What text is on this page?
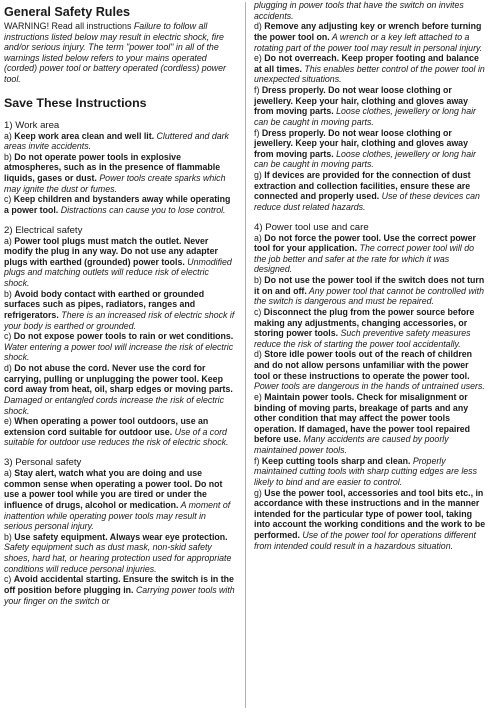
General Safety Rules

WARNING! Read all instructions Failure to follow all instructions listed below may result in electric shock, fire and/or serious injury. The term "power tool" in all of the warnings listed below refers to your mains operated (corded) power tool or battery operated (cordless) power tool.

Save These Instructions
1) Work area

a) Keep work area clean and well lit. Cluttered and dark areas invite accidents.

b) Do not operate power tools in explosive atmospheres, such as in the presence of flammable liquids, gases or dust. Power tools create sparks which may ignite the dust or fumes.

c) Keep children and bystanders away while operating a power tool. Distractions can cause you to lose control.

2) Electrical safety

a) Power tool plugs must match the outlet. Never modify the plug in any way. Do not use any adapter plugs with earthed (grounded) power tools. Unmodified plugs and matching outlets will reduce risk of electric shock.

b) Avoid body contact with earthed or grounded surfaces such as pipes, radiators, ranges and refrigerators. There is an increased risk of electric shock if your body is earthed or grounded.

c) Do not expose power tools to rain or wet conditions. Water entering a power tool will increase the risk of electric shock.

d) Do not abuse the cord. Never use the cord for carrying, pulling or unplugging the power tool. Keep cord away from heat, oil, sharp edges or moving parts. Damaged or entangled cords increase the risk of electric shock.

e) When operating a power tool outdoors, use an extension cord suitable for outdoor use. Use of a cord suitable for outdoor use reduces the risk of electric shock.

3) Personal safety

a) Stay alert, watch what you are doing and use common sense when operating a power tool. Do not use a power tool while you are tired or under the influence of drugs, alcohol or medication. A moment of inattention while operating power tools may result in serious personal injury.

b) Use safety equipment. Always wear eye protection. Safety equipment such as dust mask, non-skid safety shoes, hard hat, or hearing protection used for appropriate conditions will reduce personal injuries.

c) Avoid accidental starting. Ensure the switch is in the off position before plugging in. Carrying power tools with your finger on the switch or

plugging in power tools that have the switch on invites accidents.

d) Remove any adjusting key or wrench before turning the power tool on. A wrench or a key left attached to a rotating part of the power tool may result in personal injury.

e) Do not overreach. Keep proper footing and balance at all times. This enables better control of the power tool in unexpected situations.

f) Dress properly. Do not wear loose clothing or jewellery. Keep your hair, clothing and gloves away from moving parts. Loose clothes, jewellery or long hair can be caught in moving parts.

f) Dress properly. Do not wear loose clothing or jewellery. Keep your hair, clothing and gloves away from moving parts. Loose clothes, jewellery or long hair can be caught in moving parts.

g) If devices are provided for the connection of dust extraction and collection facilities, ensure these are connected and properly used. Use of these devices can reduce dust related hazards.

4) Power tool use and care

a) Do not force the power tool. Use the correct power tool for your application. The correct power tool will do the job better and safer at the rate for which it was designed.

b) Do not use the power tool if the switch does not turn it on and off. Any power tool that cannot be controlled with the switch is dangerous and must be repaired.

c) Disconnect the plug from the power source before making any adjustments, changing accessories, or storing power tools. Such preventive safety measures reduce the risk of starting the power tool accidentally.

d) Store idle power tools out of the reach of children and do not allow persons unfamiliar with the power tool or these instructions to operate the power tool. Power tools are dangerous in the hands of untrained users.

e) Maintain power tools. Check for misalignment or binding of moving parts, breakage of parts and any other condition that may affect the power tools operation. If damaged, have the power tool repaired before use. Many accidents are caused by poorly maintained power tools.

f) Keep cutting tools sharp and clean. Properly maintained cutting tools with sharp cutting edges are less likely to bind and are easier to control.

g) Use the power tool, accessories and tool bits etc., in accordance with these instructions and in the manner intended for the particular type of power tool, taking into account the working conditions and the work to be performed. Use of the power tool for operations different from intended could result in a hazardous situation.
